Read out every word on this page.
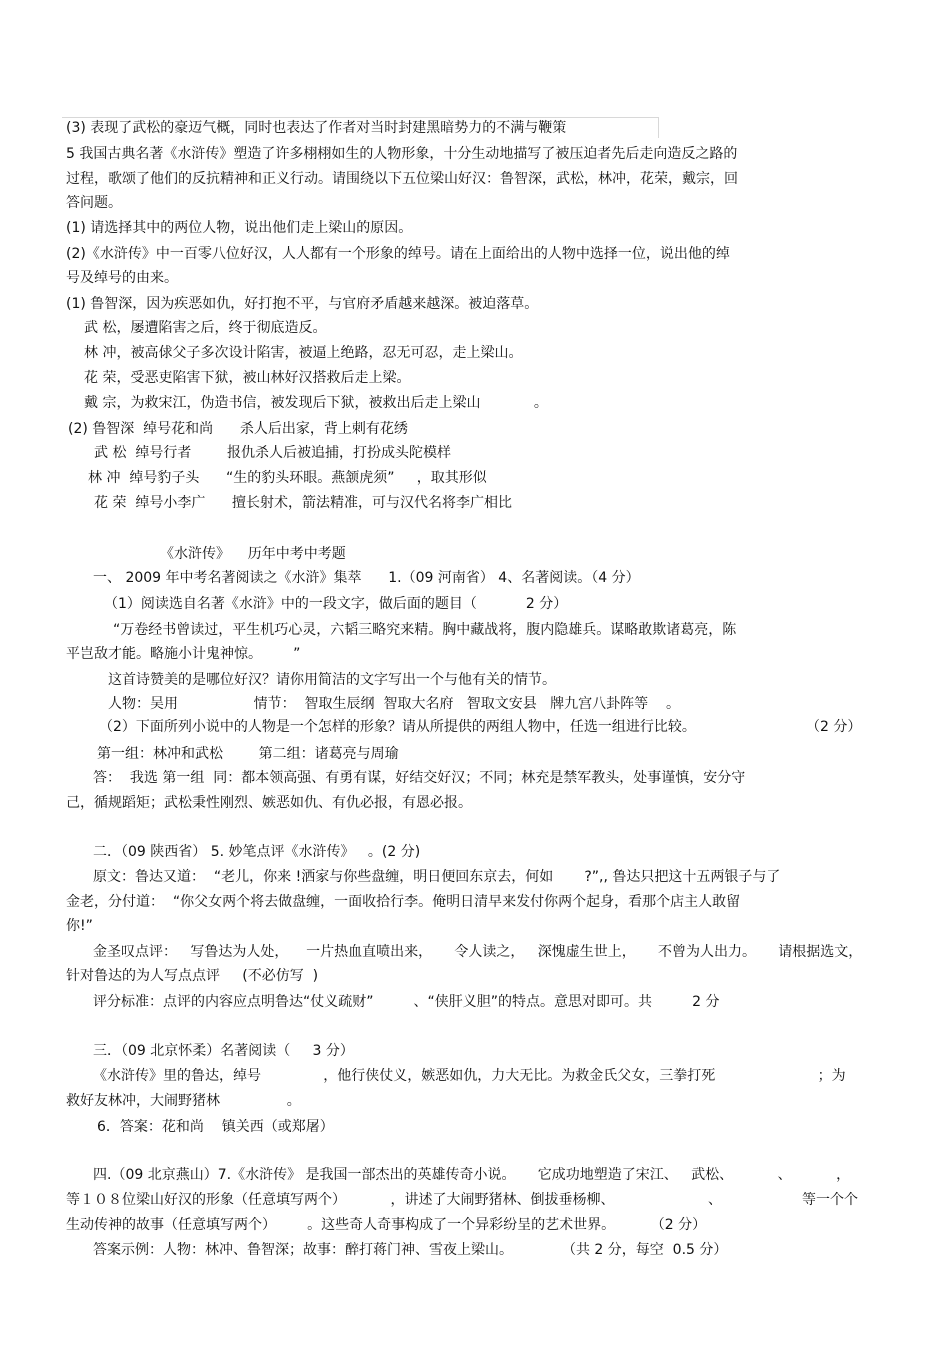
(3) 表现了武松的豪迈气概，同时也表达了作者对当时封建黑暗势力的不满与鞭策
5 我国古典名著《水浒传》塑造了许多栩栩如生的人物形象，十分生动地描写了被压迫者先后走向造反之路的
过程，歌颂了他们的反抗精神和正义行动。请围绕以下五位梁山好汉：鲁智深，武松，林冲，花荣，戴宗，回
答问题。
(1) 请选择其中的两位人物，说出他们走上梁山的原因。
(2)《水浒传》中一百零八位好汉，人人都有一个形象的绰号。请在上面给出的人物中选择一位，说出他的绰
号及绰号的由来。
(1) 鲁智深，因为疾恶如仇，好打抱不平，与官府矛盾越来越深。被迫落草。
武 松，屡遭陷害之后，终于彻底造反。
林 冲，被高俅父子多次设计陷害，被逼上绝路，忍无可忍，走上梁山。
花 荣，受恶吏陷害下狱，被山林好汉搭救后走上梁。
戴 宗，为救宋江，伪造书信，被发现后下狱，被救出后走上梁山            。
(2) 鲁智深  绰号花和尚      杀人后出家，背上刺有花绣
武 松  绰号行者        报仇杀人后被追捕，打扮成头陀模样
林 冲  绰号豹子头      “生的豹头环眼。燕颔虎须”     ，取其形似
花 荣  绰号小李广      擅长射术，箭法精准，可与汉代名将李广相比
《水浒传》    历年中考中考题
一、 2009 年中考名著阅读之《水浒》集萃      1.（09 河南省） 4、名著阅读。（4 分）
（1）阅读选自名著《水浒》中的一段文字，做后面的题目（           2 分）
“万卷经书曾读过，平生机巧心灵，六韬三略究来精。胸中藏战将，腹内隐雄兵。谋略敢欺诸葛亮，陈
平岂敌才能。略施小计鬼神惊。       ”
这首诗赞美的是哪位好汉？请你用简洁的文字写出一个与他有关的情节。
人物：吴用                 情节：  智取生辰纲  智取大名府   智取文安县   牌九宫八卦阵等    。
（2）下面所列小说中的人物是一个怎样的形象？请从所提供的两组人物中，任选一组进行比较。	（2 分）
第一组：林冲和武松        第二组：诸葛亮与周瑜
答：  我选 第一组  同：都本领高强、有勇有谋，好结交好汉；不同；林充是禁军教头，处事谨慎，安分守
己，循规蹈矩；武松秉性刚烈、嫉恶如仇、有仇必报，有恩必报。
二．（09 陕西省） 5. 妙笔点评《水浒传》   。(2 分)
原文：鲁达又道：  “老儿，你来 !洒家与你些盘缠，明日便回东京去，何如       ?”,, 鲁达只把这十五两银子与了
金老，分付道：  “你父女两个将去做盘缠，一面收拾行李。俺明日清早来发付你两个起身，看那个店主人敢留
你!”
金圣叹点评：   写鲁达为人处，    一片热血直喷出来，     令人读之，   深愧虚生世上，     不曾为人出力。     请根据选文，
针对鲁达的为人写点点评     (不必仿写  )
评分标准：点评的内容应点明鲁达“仗义疏财”         、“侠肝义胆”的特点。意思对即可。共         2 分
三．（09 北京怀柔）名著阅读（     3 分）
《水浒传》里的鲁达，绰号              ，他行侠仗义，嫉恶如仇，力大无比。为救金氏父女，三拳打死                       ；为
救好友林冲，大闹野猪林               。
6．答案：花和尚    镇关西（或郑屠）
四.（09 北京燕山）7.《水浒传》 是我国一部杰出的英雄传奇小说。     它成功地塑造了宋江、   武松、          、          ，
等１０８位梁山好汉的形象（任意填写两个）          ，讲述了大闹野猪林、倒拔垂杨柳、                     、                  等一个个
生动传神的故事（任意填写两个）       。这些奇人奇事构成了一个异彩纷呈的艺术世界。        （2 分）
答案示例：人物：林冲、鲁智深；故事：醉打蒋门神、雪夜上梁山。           （共 2 分，每空  0.5 分）
